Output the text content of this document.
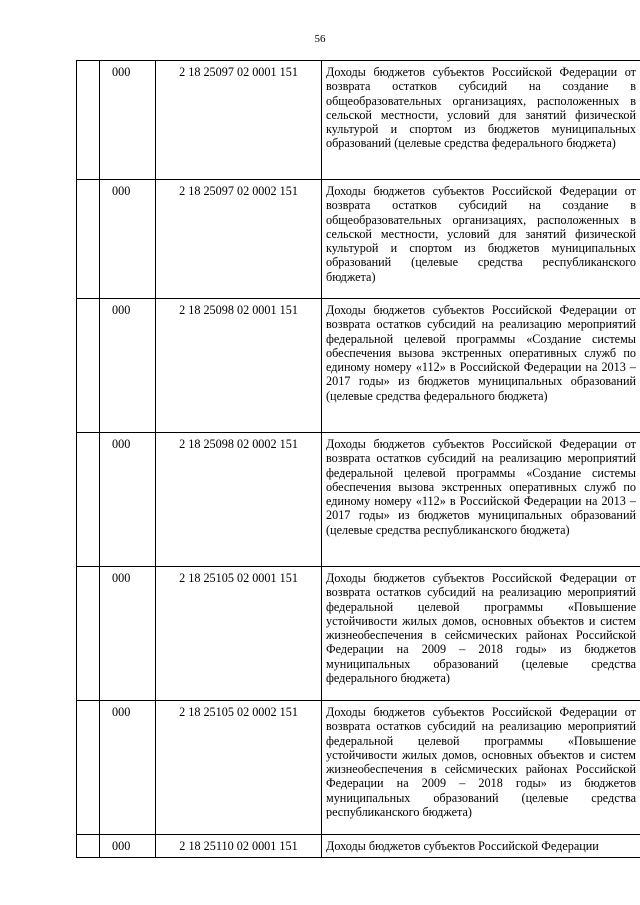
56
	000	2 18 25097 02 0001 151	Доходы бюджетов субъектов Российской Федерации от возврата остатков субсидий на создание в общеобразовательных организациях, расположенных в сельской местности, условий для занятий физической культурой и спортом из бюджетов муниципальных образований (целевые средства федерального бюджета)
	000	2 18 25097 02 0002 151	Доходы бюджетов субъектов Российской Федерации от возврата остатков субсидий на создание в общеобразовательных организациях, расположенных в сельской местности, условий для занятий физической культурой и спортом из бюджетов муниципальных образований (целевые средства республиканского бюджета)
	000	2 18 25098 02 0001 151	Доходы бюджетов субъектов Российской Федерации от возврата остатков субсидий на реализацию мероприятий федеральной целевой программы «Создание системы обеспечения вызова экстренных оперативных служб по единому номеру «112» в Российской Федерации на 2013 – 2017 годы» из бюджетов муниципальных образований (целевые средства федерального бюджета)
	000	2 18 25098 02 0002 151	Доходы бюджетов субъектов Российской Федерации от возврата остатков субсидий на реализацию мероприятий федеральной целевой программы «Создание системы обеспечения вызова экстренных оперативных служб по единому номеру «112» в Российской Федерации на 2013 – 2017 годы» из бюджетов муниципальных образований (целевые средства республиканского бюджета)
	000	2 18 25105 02 0001 151	Доходы бюджетов субъектов Российской Федерации от возврата остатков субсидий на реализацию мероприятий федеральной целевой программы «Повышение устойчивости жилых домов, основных объектов и систем жизнеобеспечения в сейсмических районах Российской Федерации на 2009 – 2018 годы» из бюджетов муниципальных образований (целевые средства федерального бюджета)
	000	2 18 25105 02 0002 151	Доходы бюджетов субъектов Российской Федерации от возврата остатков субсидий на реализацию мероприятий федеральной целевой программы «Повышение устойчивости жилых домов, основных объектов и систем жизнеобеспечения в сейсмических районах Российской Федерации на 2009 – 2018 годы» из бюджетов муниципальных образований (целевые средства республиканского бюджета)
	000	2 18 25110 02 0001 151	Доходы бюджетов субъектов Российской Федерации
